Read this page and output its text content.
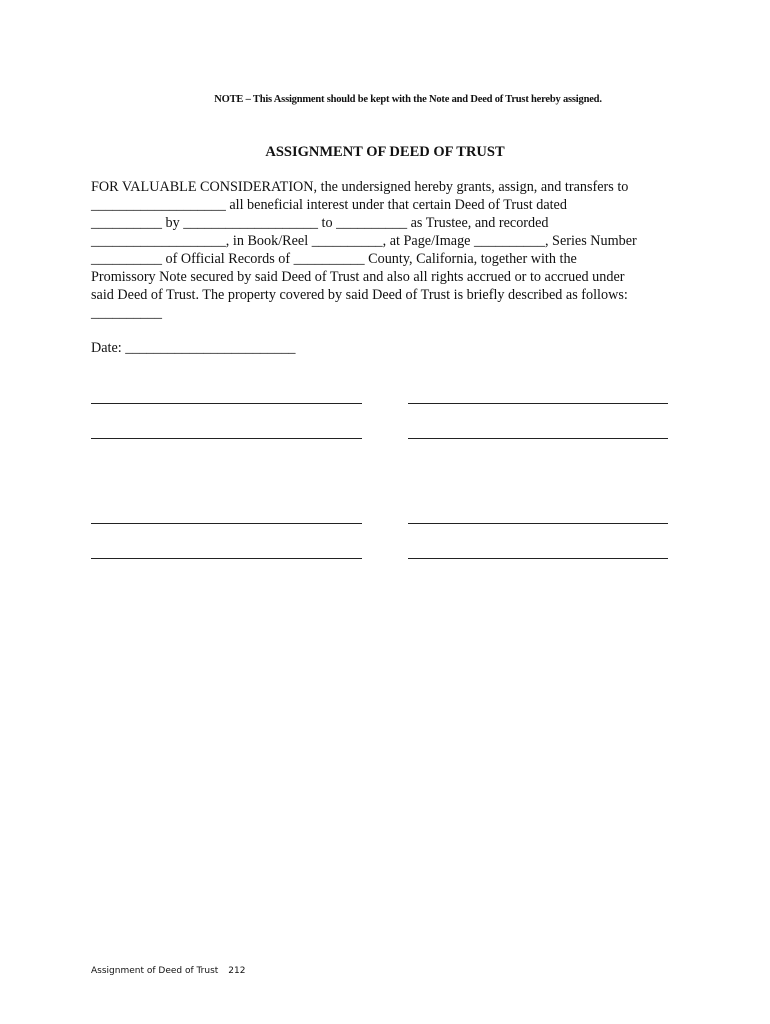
NOTE – This Assignment should be kept with the Note and Deed of Trust hereby assigned.
ASSIGNMENT OF DEED OF TRUST
FOR VALUABLE CONSIDERATION, the undersigned hereby grants, assign, and transfers to
___________________ all beneficial interest under that certain Deed of Trust dated
__________ by ___________________ to __________ as Trustee, and recorded
___________________, in Book/Reel __________, at Page/Image __________, Series Number
__________ of Official Records of __________ County, California, together with the
Promissory Note secured by said Deed of Trust and also all rights accrued or to accrued under
said Deed of Trust. The property covered by said Deed of Trust is briefly described as follows:
__________
Date: ________________________
Assignment of Deed of Trust 212
